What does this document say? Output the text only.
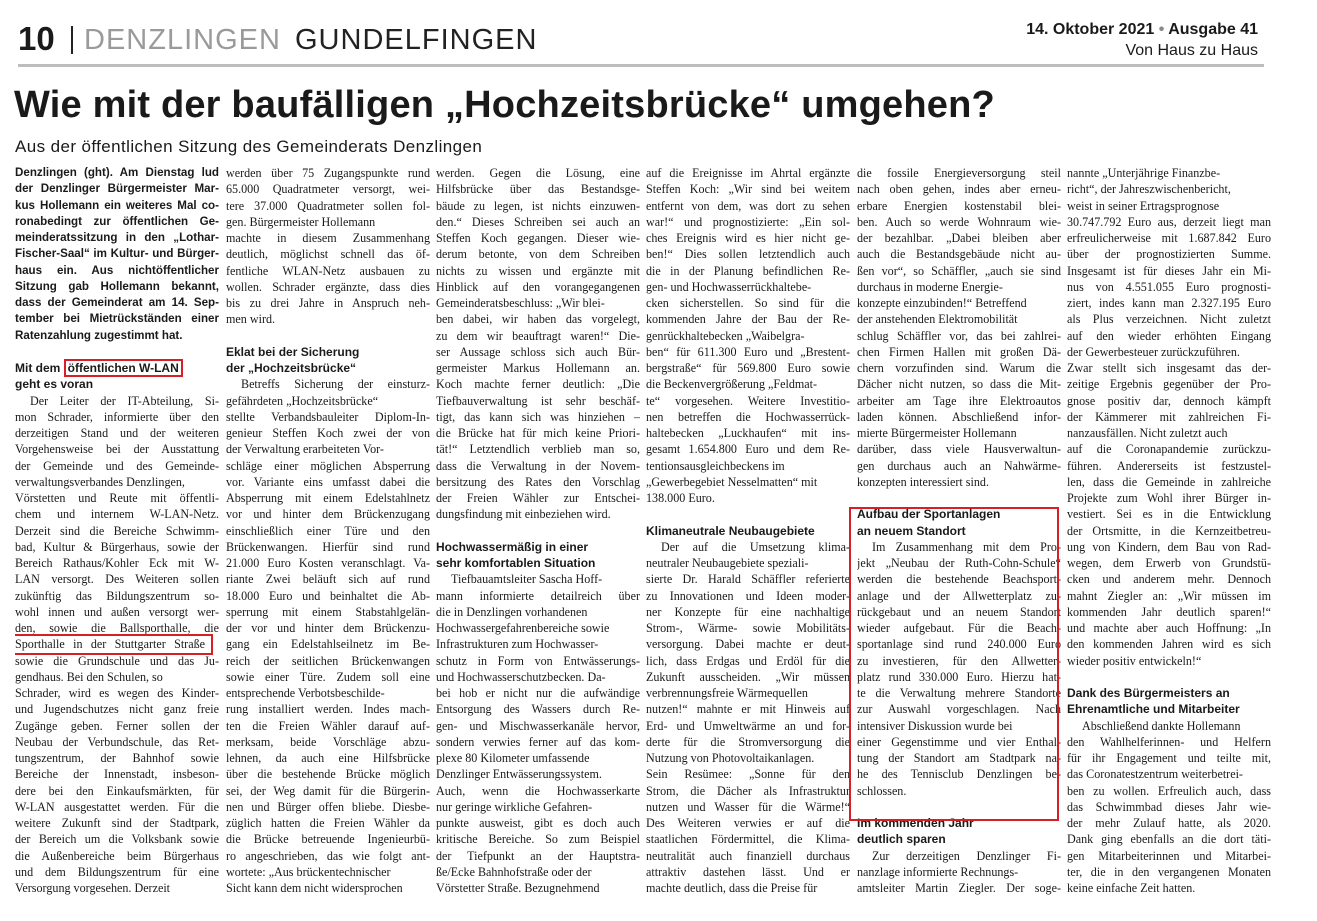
10 DENZLINGEN GUNDELFINGEN	14. Oktober 2021 • Ausgabe 41
Von Haus zu Haus
Wie mit der baufälligen „Hochzeitsbrücke“ umgehen?
Aus der öffentlichen Sitzung des Gemeinderats Denzlingen
Denzlingen (ght). Am Dienstag lud
der Denzlinger Bürgermeister Mar-
kus Hollemann ein weiteres Mal co-
ronabedingt zur öffentlichen Ge-
meinderatssitzung in den „Lothar-
Fischer-Saal“ im Kultur- und Bürger-
haus ein. Aus nichtöffentlicher
Sitzung gab Hollemann bekannt,
dass der Gemeinderat am 14. Sep-
tember bei Mietrückständen einer
Ratenzahlung zugestimmt hat.
Mit dem öffentlichen W-LAN
geht es voran
Der Leiter der IT-Abteilung, Si-
mon Schrader, informierte über den
derzeitigen Stand und der weiteren
Vorgehensweise bei der Ausstattung
der Gemeinde und des Gemeinde-
verwaltungsverbandes Denzlingen,
Vörstetten und Reute mit öffentli-
chem und internem W-LAN-Netz.
Derzeit sind die Bereiche Schwimm-
bad, Kultur & Bürgerhaus, sowie der
Bereich Rathaus/Kohler Eck mit W-
LAN versorgt. Des Weiteren sollen
zukünftig das Bildungszentrum so-
wohl innen und außen versorgt wer-
den, sowie die Ballsporthalle, die
Sporthalle in der Stuttgarter Straße
sowie die Grundschule und das Ju-
gendhaus. Bei den Schulen, so
Schrader, wird es wegen des Kinder-
und Jugendschutzes nicht ganz freie
Zugänge geben. Ferner sollen der
Neubau der Verbundschule, das Ret-
tungszentrum, der Bahnhof sowie
Bereiche der Innenstadt, insbeson-
dere bei den Einkaufsmärkten, für
W-LAN ausgestattet werden. Für die
weitere Zukunft sind der Stadtpark,
der Bereich um die Volksbank sowie
die Außenbereiche beim Bürgerhaus
und dem Bildungszentrum für eine
Versorgung vorgesehen. Derzeit
werden über 75 Zugangspunkte rund
65.000 Quadratmeter versorgt, wei-
tere 37.000 Quadratmeter sollen fol-
gen. Bürgermeister Hollemann
machte in diesem Zusammenhang
deutlich, möglichst schnell das öf-
fentliche WLAN-Netz ausbauen zu
wollen. Schrader ergänzte, dass dies
bis zu drei Jahre in Anspruch neh-
men wird.
Eklat bei der Sicherung
der „Hochzeitsbrücke“
Betreffs Sicherung der einsturz-
gefährdeten „Hochzeitsbrücke“
stellte Verbandsbauleiter Diplom-In-
genieur Steffen Koch zwei der von
der Verwaltung erarbeiteten Vor-
schläge einer möglichen Absperrung
vor. Variante eins umfasst dabei die
Absperrung mit einem Edelstahlnetz
vor und hinter dem Brückenzugang
einschließlich einer Türe und den
Brückenwangen. Hierfür sind rund
21.000 Euro Kosten veranschlagt. Va-
riante Zwei beläuft sich auf rund
18.000 Euro und beinhaltet die Ab-
sperrung mit einem Stabstahlgelän-
der vor und hinter dem Brückenzu-
gang ein Edelstahlseilnetz im Be-
reich der seitlichen Brückenwangen
sowie einer Türe. Zudem soll eine
entsprechende Verbotsbeschilde-
rung installiert werden. Indes mach-
ten die Freien Wähler darauf auf-
merksam, beide Vorschläge abzu-
lehnen, da auch eine Hilfsbrücke
über die bestehende Brücke möglich
sei, der Weg damit für die Bürgerin-
nen und Bürger offen bliebe. Diesbe-
züglich hatten die Freien Wähler da
die Brücke betreuende Ingenieurbü-
ro angeschrieben, das wie folgt ant-
wortete: „Aus brückentechnischer
Sicht kann dem nicht widersprochen
werden. Gegen die Lösung, eine
Hilfsbrücke über das Bestandsge-
bäude zu legen, ist nichts einzuwen-
den.“ Dieses Schreiben sei auch an
Steffen Koch gegangen. Dieser wie-
derum betonte, von dem Schreiben
nichts zu wissen und ergänzte mit
Hinblick auf den vorangegangenen
Gemeinderatsbeschluss: „Wir blei-
ben dabei, wir haben das vorgelegt,
zu dem wir beauftragt waren!“ Die-
ser Aussage schloss sich auch Bür-
germeister Markus Hollemann an.
Koch machte ferner deutlich: „Die
Tiefbauverwaltung ist sehr beschäf-
tigt, das kann sich was hinziehen –
die Brücke hat für mich keine Priori-
tät!“ Letztendlich verblieb man so,
dass die Verwaltung in der Novem-
bersitzung des Rates den Vorschlag
der Freien Wähler zur Entschei-
dungsfindung mit einbeziehen wird.
Hochwassermäßig in einer
sehr komfortablen Situation
Tiefbauamtsleiter Sascha Hoff-
mann informierte detailreich über
die in Denzlingen vorhandenen
Hochwassergefahrenbereiche sowie
Infrastrukturen zum Hochwasser-
schutz in Form von Entwässerungs-
und Hochwasserschutzbecken. Da-
bei hob er nicht nur die aufwändige
Entsorgung des Wassers durch Re-
gen- und Mischwasserkanäle hervor,
sondern verwies ferner auf das kom-
plexe 80 Kilometer umfassende
Denzlinger Entwässerungssystem.
Auch, wenn die Hochwasserkarte
nur geringe wirkliche Gefahren-
punkte ausweist, gibt es doch auch
kritische Bereiche. So zum Beispiel
der Tiefpunkt an der Hauptstra-
ße/Ecke Bahnhofstraße oder der
Vörstetter Straße. Bezugnehmend
auf die Ereignisse im Ahrtal ergänzte
Steffen Koch: „Wir sind bei weitem
entfernt von dem, was dort zu sehen
war!“ und prognostizierte: „Ein sol-
ches Ereignis wird es hier nicht ge-
ben!“ Dies sollen letztendlich auch
die in der Planung befindlichen Re-
gen- und Hochwasserrückhaltebe-
cken sicherstellen. So sind für die
kommenden Jahre der Bau der Re-
genrückhaltebecken „Waibelgra-
ben“ für 611.300 Euro und „Brestent-
bergstraße“ für 569.800 Euro sowie
die Beckenvergrößerung „Feldmat-
te“ vorgesehen. Weitere Investitio-
nen betreffen die Hochwasserrück-
haltebecken „Luckhaufen“ mit ins-
gesamt 1.654.800 Euro und dem Re-
tentionsausgleichbeckens im
„Gewerbegebiet Nesselmatten“ mit
138.000 Euro.
Klimaneutrale Neubaugebiete
Der auf die Umsetzung klima-
neutraler Neubaugebiete speziali-
sierte Dr. Harald Schäffler referierte
zu Innovationen und Ideen moder-
ner Konzepte für eine nachhaltige
Strom-, Wärme- sowie Mobilitäts-
versorgung. Dabei machte er deut-
lich, dass Erdgas und Erdöl für die
Zukunft ausscheiden. „Wir müssen
verbrennungsfreie Wärmequellen
nutzen!“ mahnte er mit Hinweis auf
Erd- und Umweltwärme an und for-
derte für die Stromversorgung die
Nutzung von Photovoltaikanlagen.
Sein Resümee: „Sonne für den
Strom, die Dächer als Infrastruktur
nutzen und Wasser für die Wärme!“
Des Weiteren verwies er auf die
staatlichen Fördermittel, die Klima-
neutralität auch finanziell durchaus
attraktiv dastehen lässt. Und er
machte deutlich, dass die Preise für
die fossile Energieversorgung steil
nach oben gehen, indes aber erneu-
erbare Energien kostenstabil blei-
ben. Auch so werde Wohnraum wie-
der bezahlbar. „Dabei bleiben aber
auch die Bestandsgebäude nicht au-
ßen vor“, so Schäffler, „auch sie sind
durchaus in moderne Energie-
konzepte einzubinden!“ Betreffend
der anstehenden Elektromobilität
schlug Schäffler vor, das bei zahlrei-
chen Firmen Hallen mit großen Dä-
chern vorzufinden sind. Warum die
Dächer nicht nutzen, so dass die Mit-
arbeiter am Tage ihre Elektroautos
laden können. Abschließend infor-
mierte Bürgermeister Hollemann
darüber, dass viele Hausverwaltun-
gen durchaus auch an Nahwärme-
konzepten interessiert sind.
Aufbau der Sportanlagen
an neuem Standort
Im Zusammenhang mit dem Pro-
jekt „Neubau der Ruth-Cohn-Schule“
werden die bestehende Beachsport-
anlage und der Allwetterplatz zu-
rückgebaut und an neuem Standort
wieder aufgebaut. Für die Beach-
sportanlage sind rund 240.000 Euro
zu investieren, für den Allwetter-
platz rund 330.000 Euro. Hierzu hat-
te die Verwaltung mehrere Standorte
zur Auswahl vorgeschlagen. Nach
intensiver Diskussion wurde bei
einer Gegenstimme und vier Enthal-
tung der Standort am Stadtpark na-
he des Tennisclub Denzlingen be-
schlossen.
Im kommenden Jahr
deutlich sparen
Zur derzeitigen Denzlinger Fi-
nanzlage informierte Rechnungs-
amtsleiter Martin Ziegler. Der soge-
nannte „Unterjährige Finanzbe-
richt“, der Jahreszwischenbericht,
weist in seiner Ertragsprognose
30.747.792 Euro aus, derzeit liegt man
erfreulicherweise mit 1.687.842 Euro
über der prognostizierten Summe.
Insgesamt ist für dieses Jahr ein Mi-
nus von 4.551.055 Euro prognosti-
ziert, indes kann man 2.327.195 Euro
als Plus verzeichnen. Nicht zuletzt
auf den wieder erhöhten Eingang
der Gewerbesteuer zurückzuführen.
Zwar stellt sich insgesamt das der-
zeitige Ergebnis gegenüber der Pro-
gnose positiv dar, dennoch kämpft
der Kämmerer mit zahlreichen Fi-
nanzausfällen. Nicht zuletzt auch
auf die Coronapandemie zurückzu-
führen. Andererseits ist festzustel-
len, dass die Gemeinde in zahlreiche
Projekte zum Wohl ihrer Bürger in-
vestiert. Sei es in die Entwicklung
der Ortsmitte, in die Kernzeitbetreu-
ung von Kindern, dem Bau von Rad-
wegen, dem Erwerb von Grundstü-
cken und anderem mehr. Dennoch
mahnt Ziegler an: „Wir müssen im
kommenden Jahr deutlich sparen!“
und machte aber auch Hoffnung: „In
den kommenden Jahren wird es sich
wieder positiv entwickeln!“
Dank des Bürgermeisters an
Ehrenamtliche und Mitarbeiter
Abschließend dankte Hollemann
den Wahlhelferinnen- und Helfern
für ihr Engagement und teilte mit,
das Coronatestzentrum weiterbetrei-
ben zu wollen. Erfreulich auch, dass
das Schwimmbad dieses Jahr wie-
der mehr Zulauf hatte, als 2020.
Dank ging ebenfalls an die dort täti-
gen Mitarbeiterinnen und Mitarbei-
ter, die in den vergangenen Monaten
keine einfache Zeit hatten.
